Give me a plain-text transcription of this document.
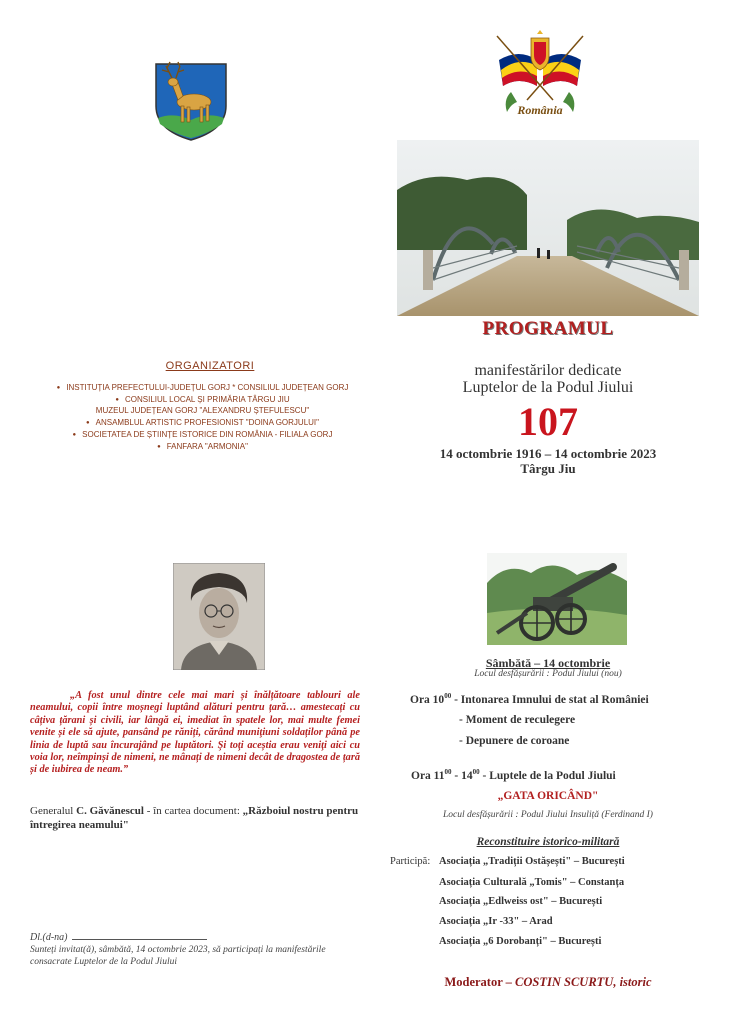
România
PROGRAMUL
manifestărilor dedicate
Luptelor de la Podul Jiului
107
14 octombrie 1916 – 14 octombrie 2023
Târgu Jiu
ORGANIZATORI
● INSTITUȚIA PREFECTULUI-JUDEȚUL GORJ * CONSILIUL JUDEȚEAN GORJ
● CONSILIUL LOCAL ȘI PRIMĂRIA TÂRGU JIU
MUZEUL JUDEȚEAN GORJ "ALEXANDRU ȘTEFULESCU"
● ANSAMBLUL ARTISTIC PROFESIONIST "DOINA GORJULUI"
● SOCIETATEA DE ȘTIINȚE ISTORICE DIN ROMÂNIA - FILIALA GORJ
● FANFARA "ARMONIA"
„A fost unul dintre cele mai mari și înălțătoare tablouri ale neamului, copii între moșnegi luptând alături pentru țară… amestecați cu câțiva țărani și civili, iar lângă ei, imediat în spatele lor, mai multe femei venite și ele să ajute, pansând pe răniți, cărând muniţiuni soldaților până pe linia de luptă sau încurajând pe luptători. Şi toţi aceștia erau veniţi aici cu voia lor, neîmpinși de nimeni, ne mânați de nimeni decât de dragostea de țară și de iubirea de neam.”
Generalul C. Găvănescul - în cartea document: „Războiul nostru pentru întregirea neamului"
Dl.(d-na)
Sunteți invitat(ă), sâmbătă, 14 octombrie 2023, să participați la manifestările consacrate Luptelor de la Podul Jiului
Sâmbătă – 14 octombrie
Locul desfășurării : Podul Jiului (nou)
Ora $10^{00}$ - Intonarea Imnului de stat al României
- Moment de reculegere
- Depunere de coroane
Ora $11^{00} - 14^{00}$ - Luptele de la Podul Jiului
„GATA ORICÂND"
Locul desfășurării : Podul Jiului Insuliță (Ferdinand I)
Reconstituire istorico-militară
Participă: Asociația „Tradiții Ostășești" – București
Asociația Culturală „Tomis" – Constanța
Asociația „Edlweiss ost" – București
Asociația „Ir -33" – Arad
Asociația „6 Dorobanți" – București
Moderator – COSTIN SCURTU, istoric
